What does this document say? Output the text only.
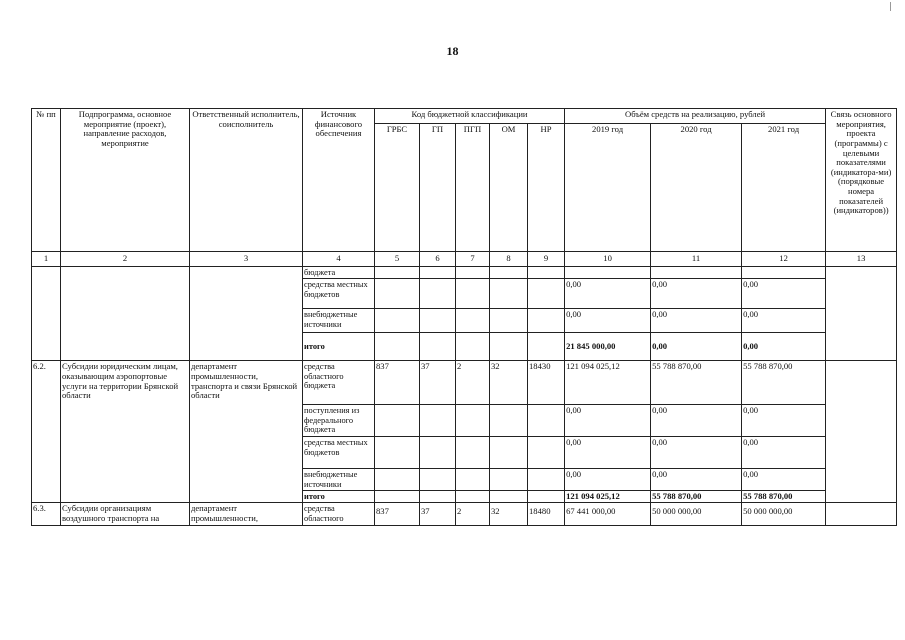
18
№ пп	Подпрограмма, основное мероприятие (проект), направление расходов, мероприятие	Ответственный исполнитель, соисполнитель	Источник финансового обеспечения	Код бюджетной классификации					Объём средств на реализацию, рублей			Связь основного мероприятия, проекта (программы) с целевыми показателями (индикатора-ми) (порядковые номера показателей (индикаторов))
				ГРБС	ГП	ПГП	ОМ	НР	2019 год	2020 год	2021 год	
1	2	3	4	5	6	7	8	9	10	11	12	13
			бюджета									
			средства местных бюджетов						0,00	0,00	0,00	
			внебюджетные источники						0,00	0,00	0,00	
			итого						21 845 000,00	0,00	0,00	
6.2.	Субсидии юридическим лицам, оказывающим аэропортовые услуги на территории Брянской области	департамент промышленности, транспорта и связи Брянской области	средства областного бюджета	837	37	2	32	18430	121 094 025,12	55 788 870,00	55 788 870,00	
			поступления из федерального бюджета						0,00	0,00	0,00	
			средства местных бюджетов						0,00	0,00	0,00	
			внебюджетные источники						0,00	0,00	0,00	
			итого						121 094 025,12	55 788 870,00	55 788 870,00	
6.3.	Субсидии организациям воздушного транспорта на	департамент промышленности,	средства областного	837	37	2	32	18480	67 441 000,00	50 000 000,00	50 000 000,00	
